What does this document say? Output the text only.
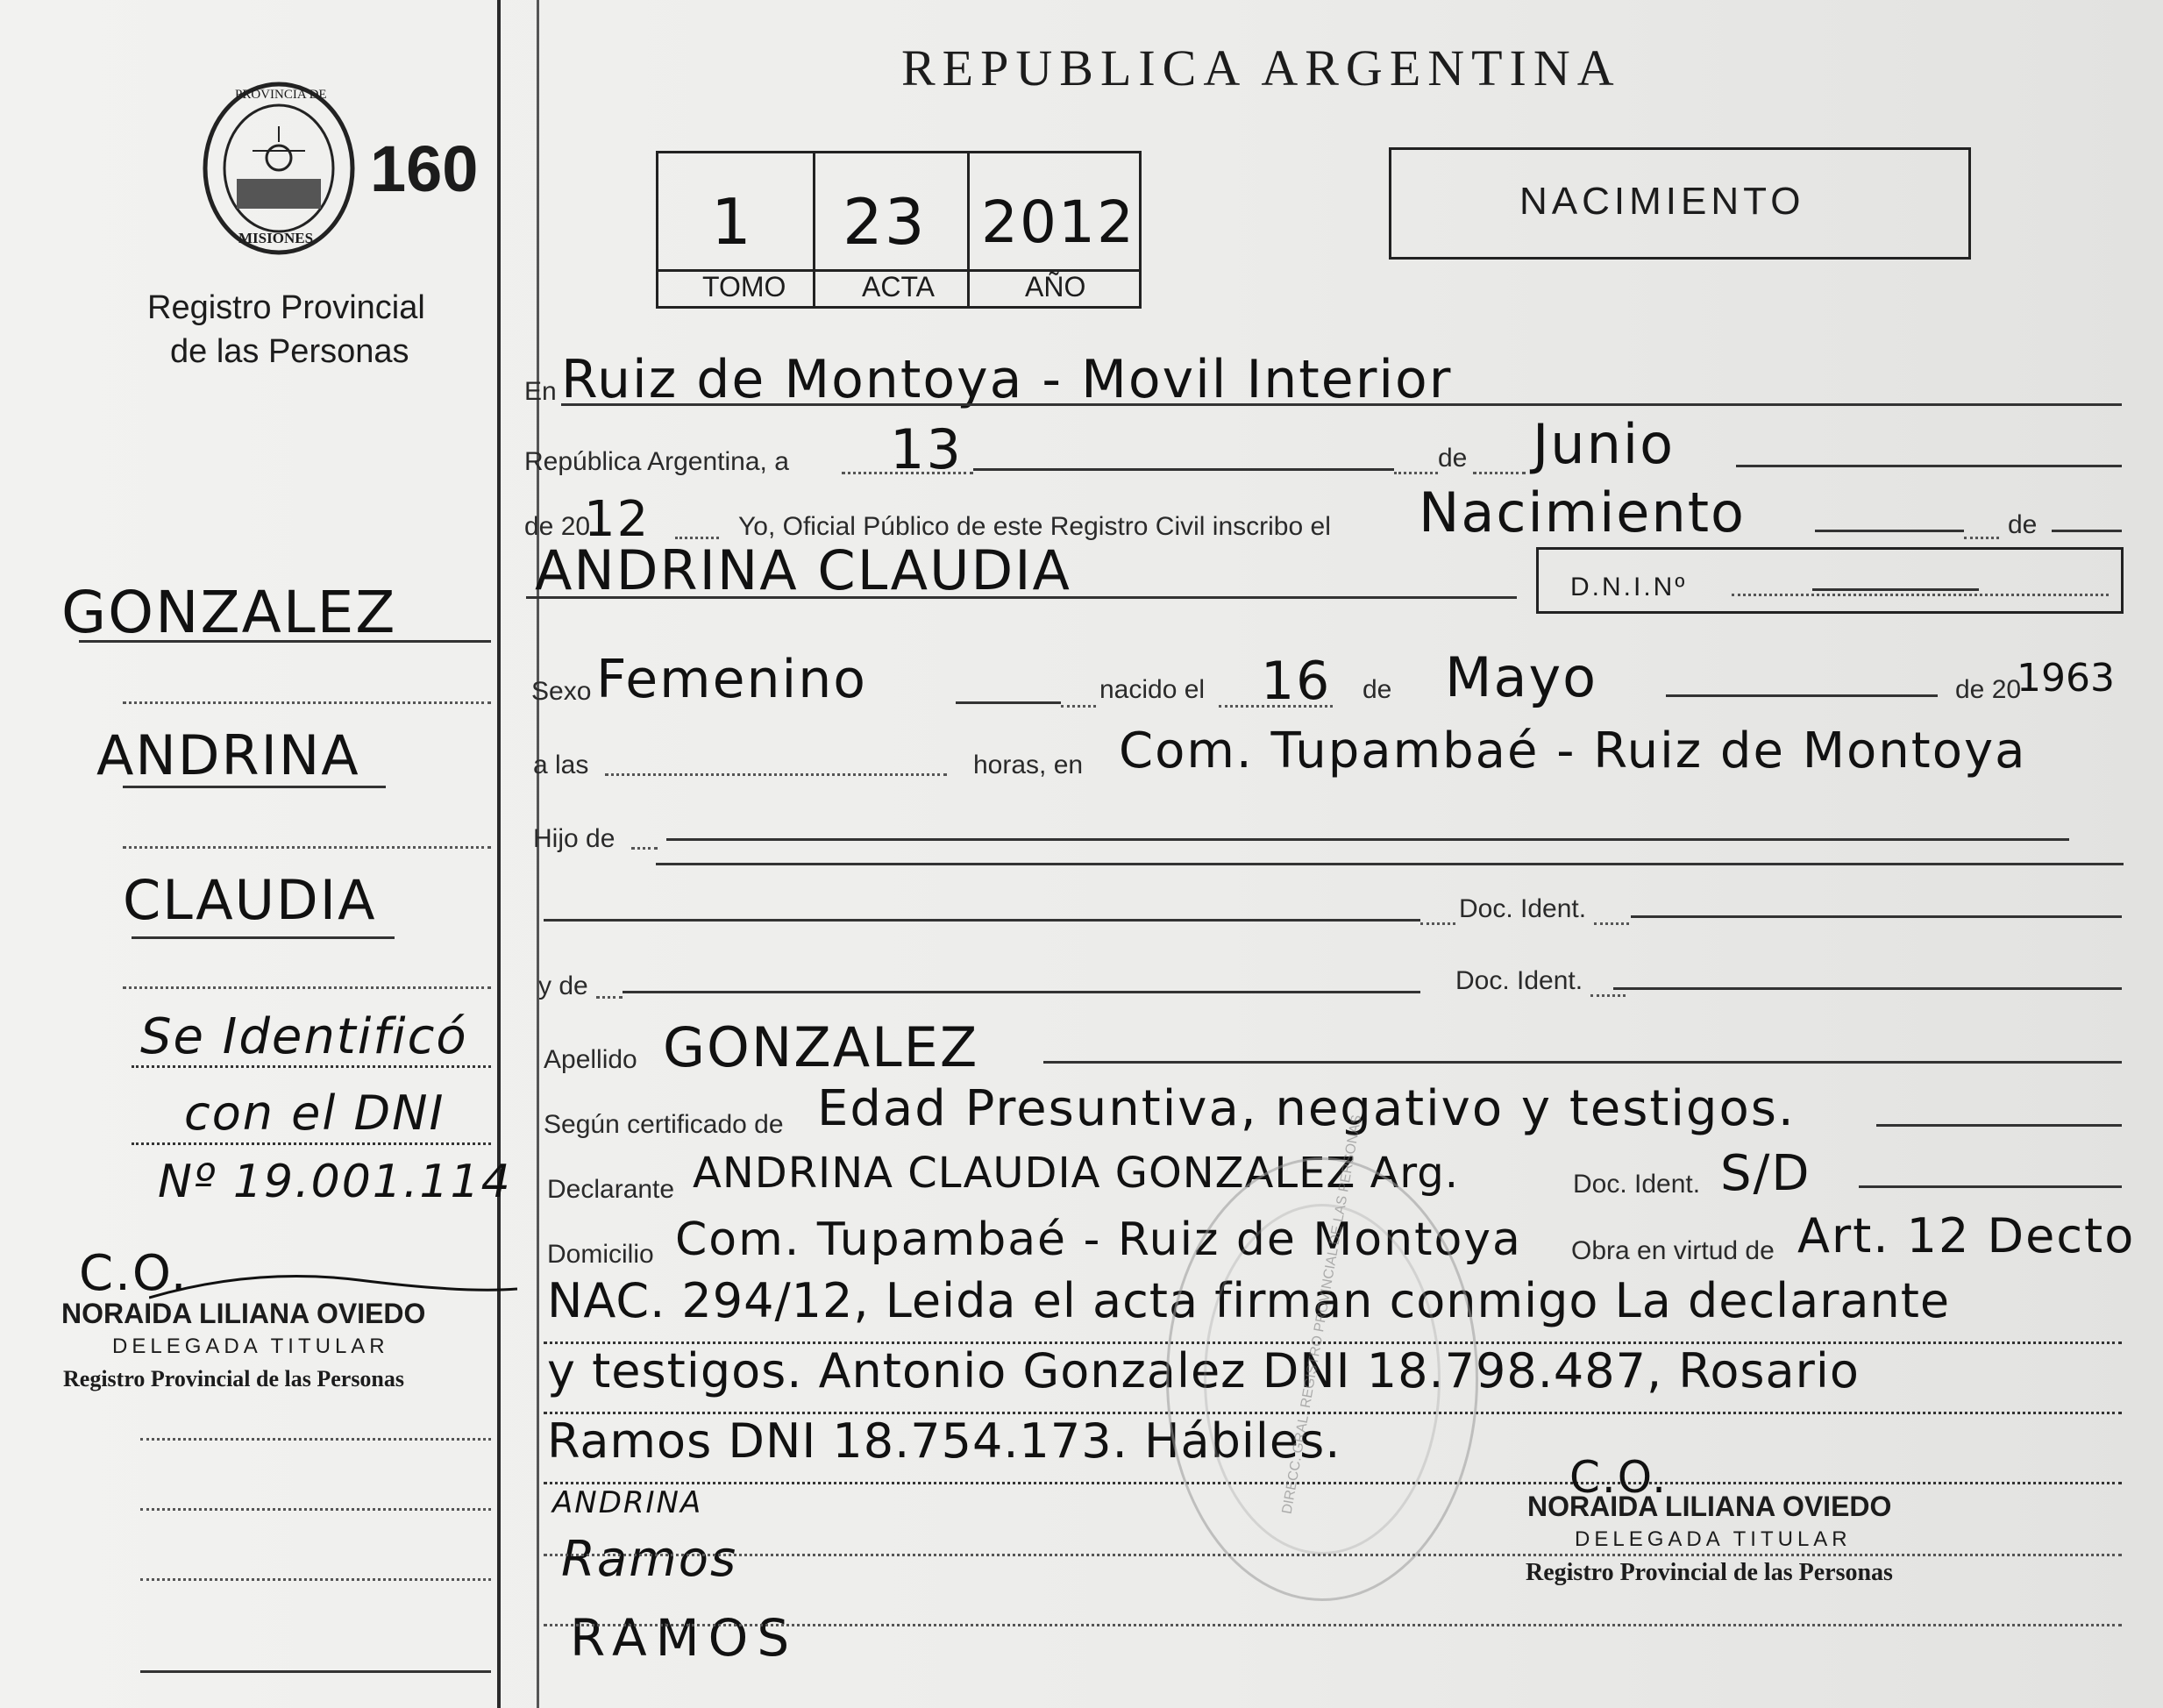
PROVINCIA DE
MISIONES
160
Registro Provincial
de las Personas
GONZALEZ
ANDRINA
CLAUDIA
Se Identificó
con el DNI
Nº 19.001.114
C.O.
NORAIDA LILIANA OVIEDO
DELEGADA TITULAR
Registro Provincial de las Personas
REPUBLICA ARGENTINA
1 23 2012
TOMO	ACTA	AÑO
NACIMIENTO
En Ruiz de Montoya - Movil Interior
República Argentina, a 13	de Junio
de 20
12	Yo, Oficial Público de este Registro Civil inscribo el Nacimiento	de
ANDRINA CLAUDIA	D.N.I.Nº
Sexo Femenino	nacido el 16 de Mayo	de 20
1963
a las	horas, en Com. Tupambaé - Ruiz de Montoya
Hijo de
Doc. Ident.
y de	Doc. Ident.
Apellido GONZALEZ
Según certificado de Edad Presuntiva, negativo y testigos.
Declarante ANDRINA CLAUDIA GONZALEZ Arg.	Doc. Ident. S/D
Domicilio Com. Tupambaé - Ruiz de Montoya Obra en virtud de Art. 12 Decto
NAC. 294/12, Leida el acta firman conmigo La declarante
y testigos. Antonio Gonzalez DNI 18.798.487, Rosario
Ramos DNI 18.754.173. Hábiles.
DIRECC. GRAL. REGISTRO PROVINCIAL DE LAS PERSONAS
ANDRINA
Ramos
RAMOS
C.O.
NORAIDA LILIANA OVIEDO
DELEGADA TITULAR
Registro Provincial de las Personas
